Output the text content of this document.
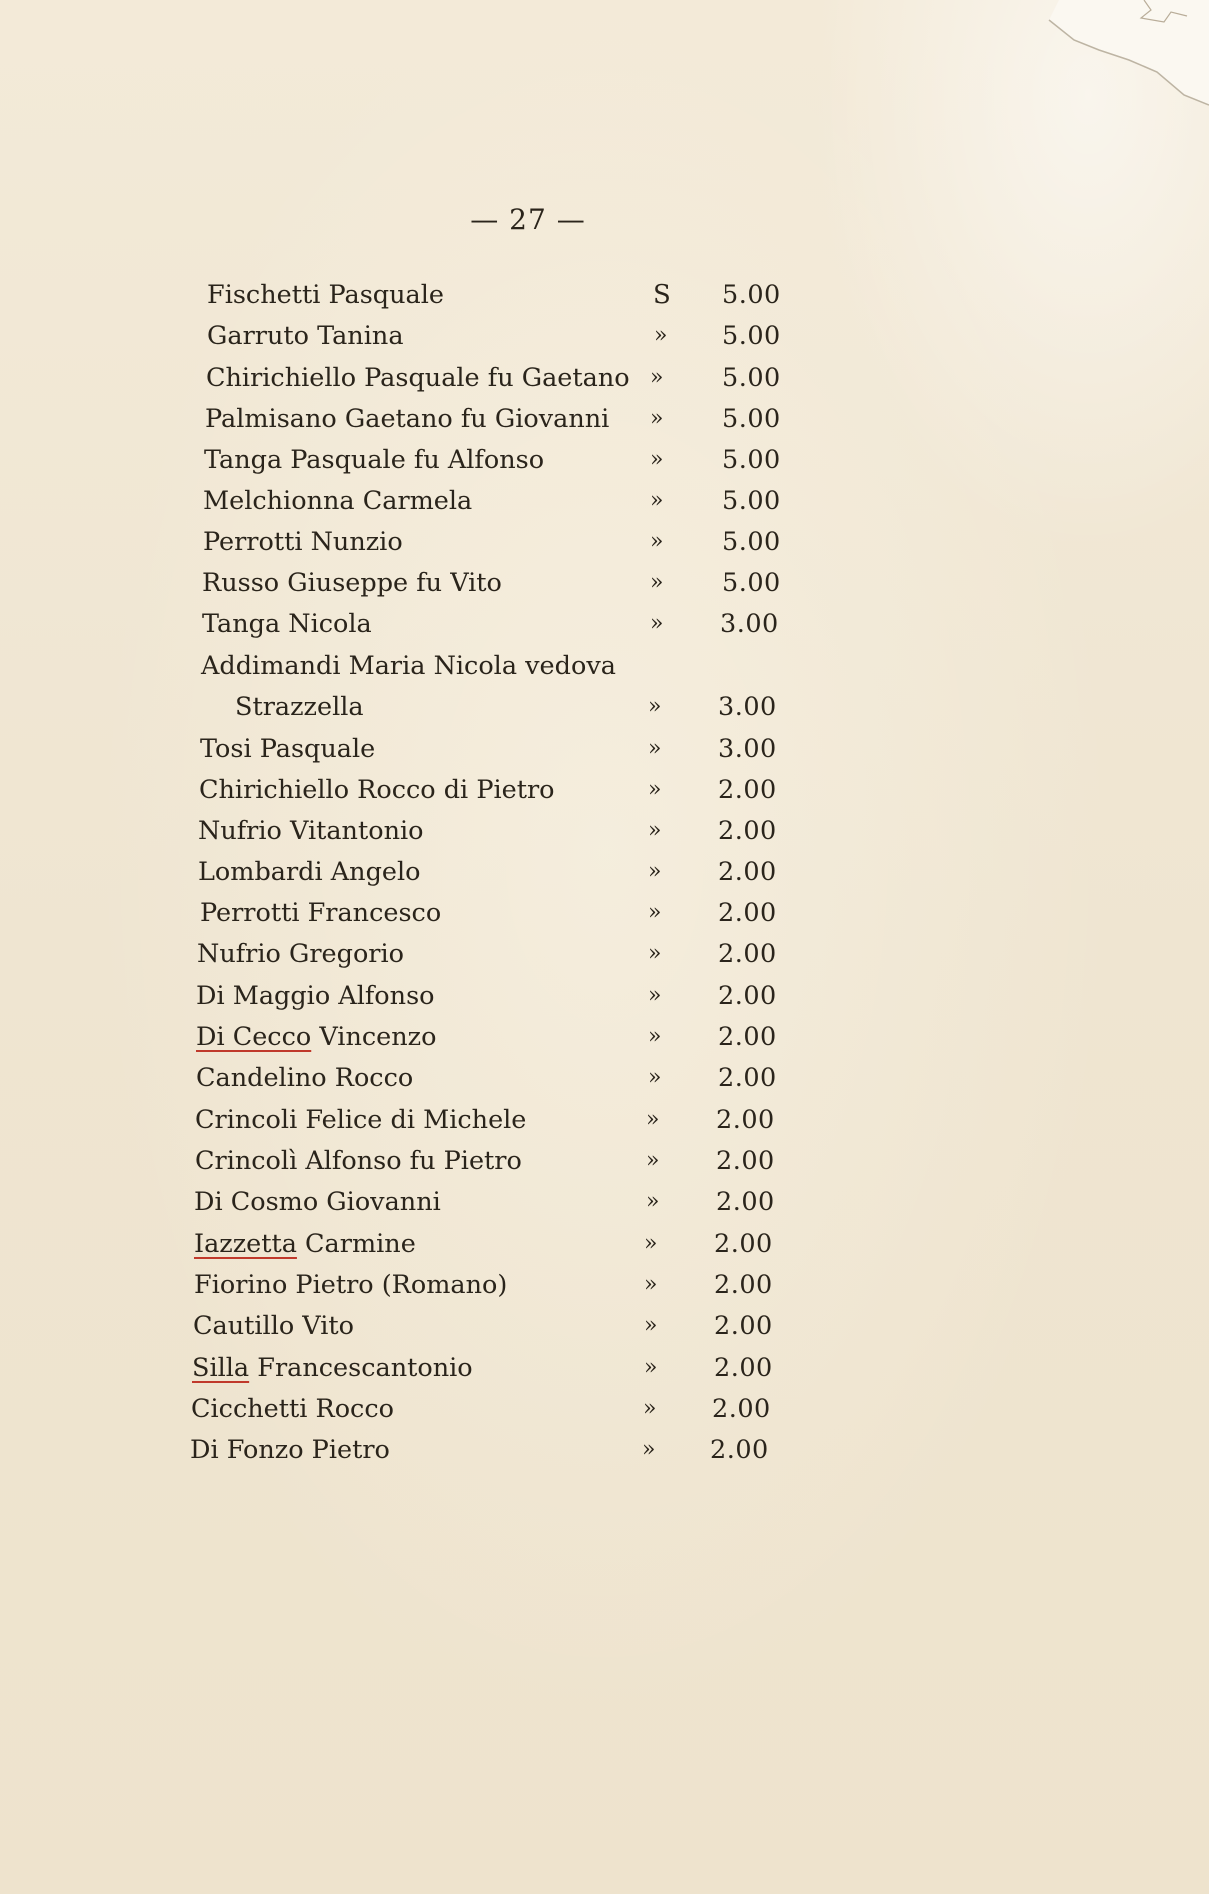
— 27 —
Fischetti Pasquale	S 5.00
Garruto Tanina	» 5.00
Chirichiello Pasquale fu Gaetano » 5.00
Palmisano Gaetano fu Giovanni » 5.00
Tanga Pasquale fu Alfonso	» 5.00
Melchionna Carmela	» 5.00
Perrotti Nunzio	» 5.00
Russo Giuseppe fu Vito	» 5.00
Tanga Nicola	» 3.00
Addimandi Maria Nicola vedova
Strazzella	» 3.00
Tosi Pasquale	» 3.00
Chirichiello Rocco di Pietro	» 2.00
Nufrio Vitantonio	» 2.00
Lombardi Angelo	» 2.00
Perrotti Francesco	» 2.00
Nufrio Gregorio	» 2.00
Di Maggio Alfonso	» 2.00
Di Cecco Vincenzo	» 2.00
Candelino Rocco	» 2.00
Crincoli Felice di Michele	» 2.00
Crincolì Alfonso fu Pietro	» 2.00
Di Cosmo Giovanni	» 2.00
Iazzetta Carmine	» 2.00
Fiorino Pietro (Romano)	» 2.00
Cautillo Vito	» 2.00
Silla Francescantonio	» 2.00
Cicchetti Rocco	» 2.00
Di Fonzo Pietro	» 2.00
